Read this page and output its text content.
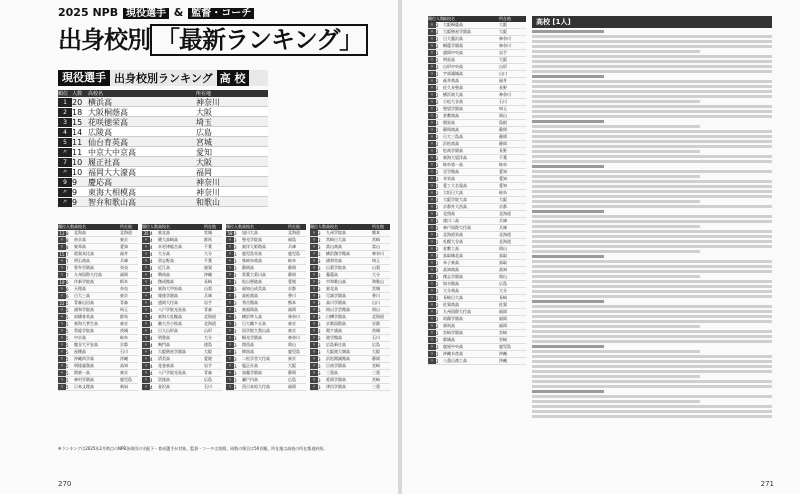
2025 NPB 現役選手 & 監督・コーチ
出身校別 「最新ランキング」
現役選手 出身校別ランキング 高 校
順位 人数	高校名	所在地
1 20 横浜高	神奈川
2 18 大阪桐蔭高	大阪
3 15 花咲徳栄高	埼玉
4 14 広陵高	広島
5 11 仙台育英高	宮城
〃 11 中京大中京高	愛知
7 10 履正社高	大阪
〃 10 福岡大大濠高	福岡
9 9	慶応高	神奈川
〃 9	東海大相模高	神奈川
〃 9	智弁和歌山高	和歌山
順位 人数 高校名	所在地
12 8	北海高	北海道
〃 8	帝京高	東京
〃 8	東邦高	愛知
15 7	敦賀気比高	福井
〃 7	明石商高	兵庫
〃 7	智弁学園高	奈良
〃 7	九州国際大付高	福岡
19 6	作新学院高	栃木
〃 6	天理高	奈良
〃 6	日大三高	東京
22 5	青森山田高	青森
〃 5	浦和学院高	埼玉
〃 5	前橋育英高	群馬
〃 5	東海大菅生高	東京
〃 5	常総学院高	茨城
〃 5	中京高	岐阜
〃 5	龍谷大平安高	京都
〃 5	星稜高	石川
〃 5	沖縄尚学高	沖縄
〃 5	明徳義塾高	高知
〃 5	関東一高	東京
〃 5	神村学園高	鹿児島
〃 5	日本文理高	新潟
順位 人数 高校名	所在地
35 4	東北高	宮城
〃 4	健大高崎高	群馬
〃 4	木更津総合高	千葉
〃 4	大分高	大分
〃 4	習志野高	千葉
〃 4	近江高	滋賀
〃 4	興南高	沖縄
〃 4	創成館高	長崎
〃 4	東海大甲府高	山梨
〃 4	報徳学園高	兵庫
〃 4	盛岡大付高	岩手
〃 4	八戸学院光星高	青森
〃 4	東海大札幌高	北海道
〃 4	駒大苫小牧高	北海道
〃 4	日大山形高	山形
〃 4	明豊高	大分
〃 4	鳴門高	徳島
〃 4	大阪偕星学園高	大阪
〃 4	済美高	愛媛
〃 4	花巻東高	岩手
〃 4	八戸学院光星高	青森
〃 4	崇徳高	広島
〃 4	金沢高	石川
順位 人数 高校名	所在地
58 3	旭川大高	北海道
〃 3	聖光学院高	福島
〃 3	東洋大姫路高	兵庫
〃 3	鹿児島実高	鹿児島
〃 3	県岐阜商高	岐阜
〃 3	静岡高	静岡
〃 3	常葉大菊川高	静岡
〃 3	松山聖陵高	愛媛
〃 3	福知山成美高	京都
〃 3	高松商高	香川
〃 3	秀岳館高	熊本
〃 3	東福岡高	福岡
〃 3	横浜隼人高	神奈川
〃 3	日大鶴ケ丘高	東京
〃 3	国学院久我山高	東京
〃 3	桐光学園高	神奈川
〃 3	関西高	岡山
〃 3	樟南高	鹿児島
〃 3	二松学舎大付高	東京
〃 3	履正社高	大阪
〃 3	加藤学園高	静岡
〃 3	瀬戸内高	広島
〃 3	西日本短大付高	福岡
順位 人数 高校名	所在地
〃 3	九州学院高	熊本
〃 3	宮崎日大高	宮崎
〃 3	富山商高	富山
〃 3	横浜創学館高	神奈川
〃 3	浦和実高	埼玉
〃 3	山梨学院高	山梨
〃 3	藤蔭高	大分
〃 3	市和歌山高	和歌山
〃 3	東北高	宮城
〃 3	尽誠学園高	香川
〃 3	高川学園高	山口
〃 3	岡山学芸館高	岡山
〃 3	白樺学園高	北海道
〃 3	京都国際高	京都
〃 3	霞ケ浦高	茨城
〃 3	遊学館高	石川
〃 3	広島新庄高	広島
〃 3	大阪商大堺高	大阪
〃 3	浜松開誠館高	静岡
〃 3	日南学園高	宮崎
〃 3	三重高	三重
〃 3	延岡学園高	宮崎
〃 3	津田学園高	三重
※ランキングは2025年2月時点のNPB各球団の支配下・育成選手が対象。監督・コーチは別掲。同数の場合は50音順。所在地は高校の所在都道府県。
270
順位 人数 高校名	所在地
〃 2	大阪桐蔭高	大阪
〃 2	大阪偕星学園高	大阪
〃 2	日大藤沢高	神奈川
〃 2	桐蔭学園高	神奈川
〃 2	盛岡中央高	岩手
〃 2	明星高	大阪
〃 2	山形中央高	山形
〃 2	宇部鴻城高	山口
〃 2	福井商高	福井
〃 2	佐久長聖高	長野
〃 2	横浜商大高	神奈川
〃 2	小松大谷高	石川
〃 2	聖望学園高	埼玉
〃 2	倉敷商高	岡山
〃 2	開星高	島根
〃 2	静岡商高	静岡
〃 2	日大三島高	静岡
〃 2	浜松商高	静岡
〃 2	松商学園高	長野
〃 2	東海大望洋高	千葉
〃 2	岐阜第一高	岐阜
〃 2	至学館高	愛知
〃 2	享栄高	愛知
〃 2	愛工大名電高	愛知
〃 2	大垣日大高	岐阜
〃 2	大阪学院大高	大阪
〃 2	京都外大西高	京都
〃 2	北照高	北海道
〃 2	滝川二高	兵庫
〃 2	神戸国際大付高	兵庫
〃 2	北海道栄高	北海道
〃 2	札幌大谷高	北海道
〃 2	倉敷工高	岡山
〃 2	鳥取城北高	鳥取
〃 2	米子東高	鳥取
〃 2	高知商高	高知
〃 2	創志学園高	岡山
〃 2	如水館高	広島
〃 2	大分商高	大分
〃 2	長崎日大高	長崎
〃 2	佐賀商高	佐賀
〃 2	九州国際大付高	福岡
〃 2	筑陽学園高	福岡
〃 2	東筑高	福岡
〃 2	宮崎学園高	宮崎
〃 2	都城高	宮崎
〃 2	鹿屋中央高	鹿児島
〃 2	沖縄水産高	沖縄
〃 2	八重山商工高	沖縄
高校 [1人]
271
